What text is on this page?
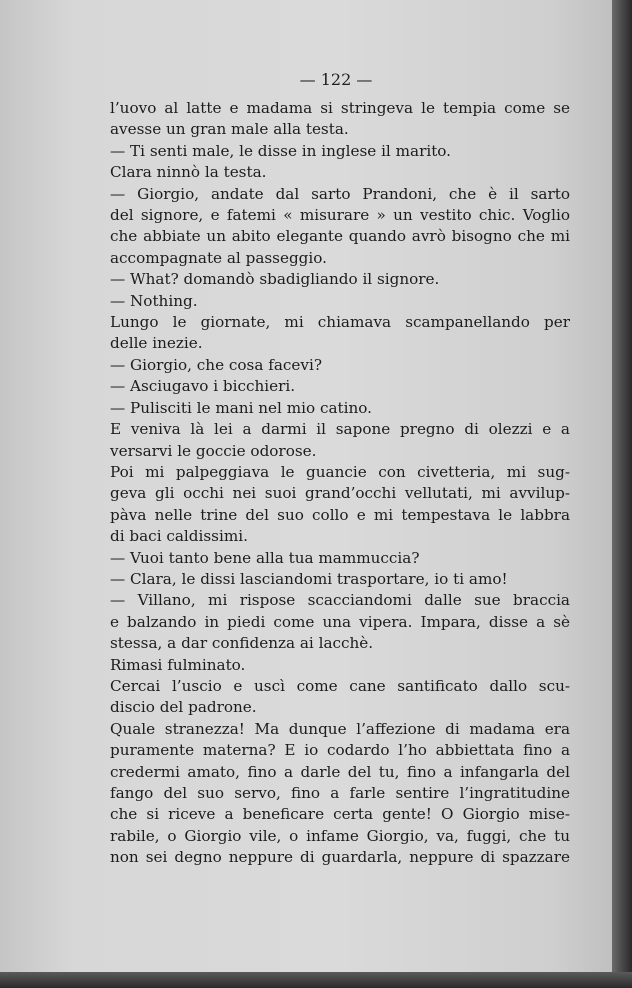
— 122 —
l’uovo al latte e madama si stringeva le tempia come se
avesse un gran male alla testa.
— Ti senti male, le disse in inglese il marito.
Clara ninnò la testa.
— Giorgio, andate dal sarto Prandoni, che è il sarto
del signore, e fatemi « misurare » un vestito chic. Voglio
che abbiate un abito elegante quando avrò bisogno che mi
accompagnate al passeggio.
— What? domandò sbadigliando il signore.
— Nothing.
Lungo le giornate, mi chiamava scampanellando per
delle inezie.
— Giorgio, che cosa facevi?
— Asciugavo i bicchieri.
— Pulisciti le mani nel mio catino.
E veniva là lei a darmi il sapone pregno di olezzi e a
versarvi le goccie odorose.
Poi mi palpeggiava le guancie con civetteria, mi sug-
geva gli occhi nei suoi grand’occhi vellutati, mi avvilup-
pàva nelle trine del suo collo e mi tempestava le labbra
di baci caldissimi.
— Vuoi tanto bene alla tua mammuccia?
— Clara, le dissi lasciandomi trasportare, io ti amo!
— Villano, mi rispose scacciandomi dalle sue braccia
e balzando in piedi come una vipera. Impara, disse a sè
stessa, a dar confidenza ai lacchè.
Rimasi fulminato.
Cercai l’uscio e uscì come cane santificato dallo scu-
discio del padrone.
Quale stranezza! Ma dunque l’affezione di madama era
puramente materna? E io codardo l’ho abbiettata fino a
credermi amato, fino a darle del tu, fino a infangarla del
fango del suo servo, fino a farle sentire l’ingratitudine
che si riceve a beneficare certa gente! O Giorgio mise-
rabile, o Giorgio vile, o infame Giorgio, va, fuggi, che tu
non sei degno neppure di guardarla, neppure di spazzare
